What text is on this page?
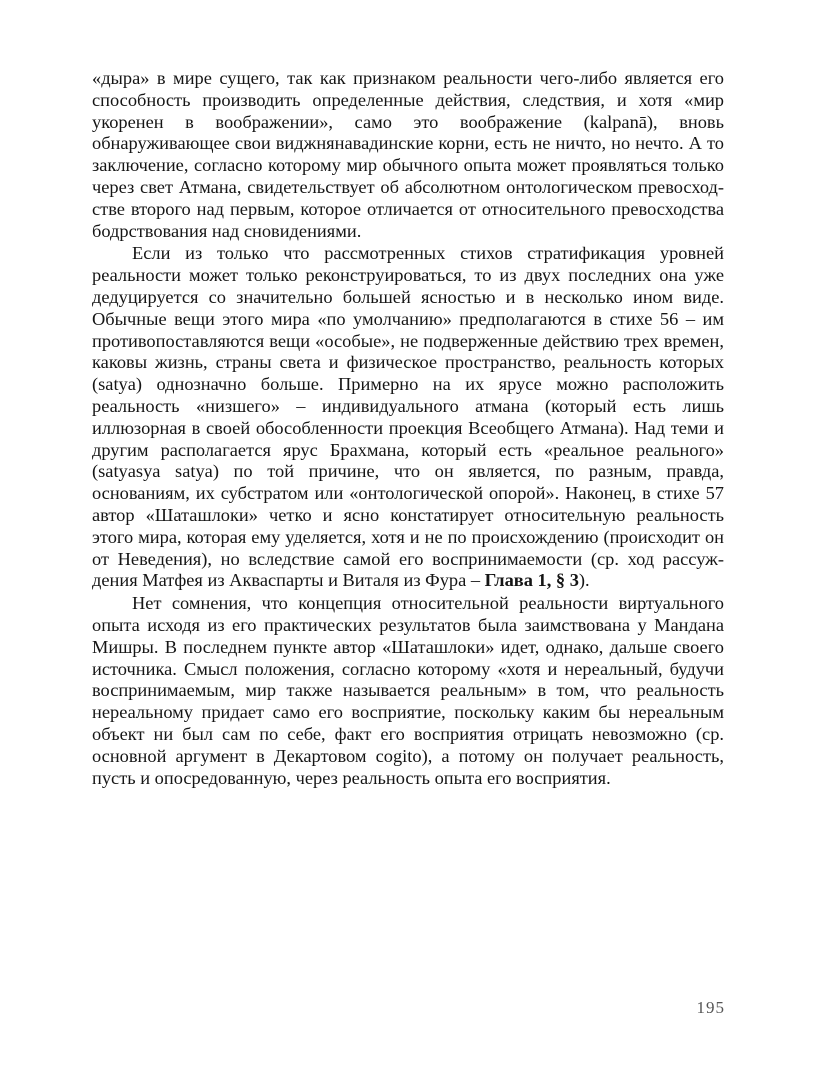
«дыра» в мире сущего, так как признаком реальности чего-либо является его способность производить определенные действия, следствия, и хотя «мир укоренен в воображении», само это воображение (kalpanā), вновь обнаруживающее свои виджнянавадинские корни, есть не ничто, но нечто. А то заключение, согласно которому мир обычного опыта может проявляться только через свет Атмана, свидетельствует об абсолютном онтологическом превосходстве второго над первым, которое отличается от относительного превосходства бодрствования над сновидениями.

Если из только что рассмотренных стихов стратификация уровней реальности может только реконструироваться, то из двух последних она уже дедуцируется со значительно большей ясностью и в несколько ином виде. Обычные вещи этого мира «по умолчанию» предполагаются в стихе 56 – им противопоставляются вещи «особые», не подверженные действию трех времен, каковы жизнь, страны света и физическое пространство, реальность которых (satya) однозначно больше. Примерно на их ярусе можно расположить реальность «низшего» – индивидуального атмана (который есть лишь иллюзорная в своей обособленности проекция Всеобщего Атмана). Над теми и другим располагается ярус Брахмана, который есть «реальное реального» (satyasya satya) по той причине, что он является, по разным, правда, основаниям, их субстратом или «онтологической опорой». Наконец, в стихе 57 автор «Шаташлоки» четко и ясно констатирует относительную реальность этого мира, которая ему уделяется, хотя и не по происхождению (происходит он от Неведения), но вследствие самой его воспринимаемости (ср. ход рассуждения Матфея из Акваспарты и Виталя из Фура – Глава 1, § 3).

Нет сомнения, что концепция относительной реальности виртуального опыта исходя из его практических результатов была заимствована у Мандана Мишры. В последнем пункте автор «Шаташлоки» идет, однако, дальше своего источника. Смысл положения, согласно которому «хотя и нереальный, будучи воспринимаемым, мир также называется реальным» в том, что реальность нереальному придает само его восприятие, поскольку каким бы нереальным объект ни был сам по себе, факт его восприятия отрицать невозможно (ср. основной аргумент в Декартовом cogito), а потому он получает реальность, пусть и опосредованную, через реальность опыта его восприятия.

195
